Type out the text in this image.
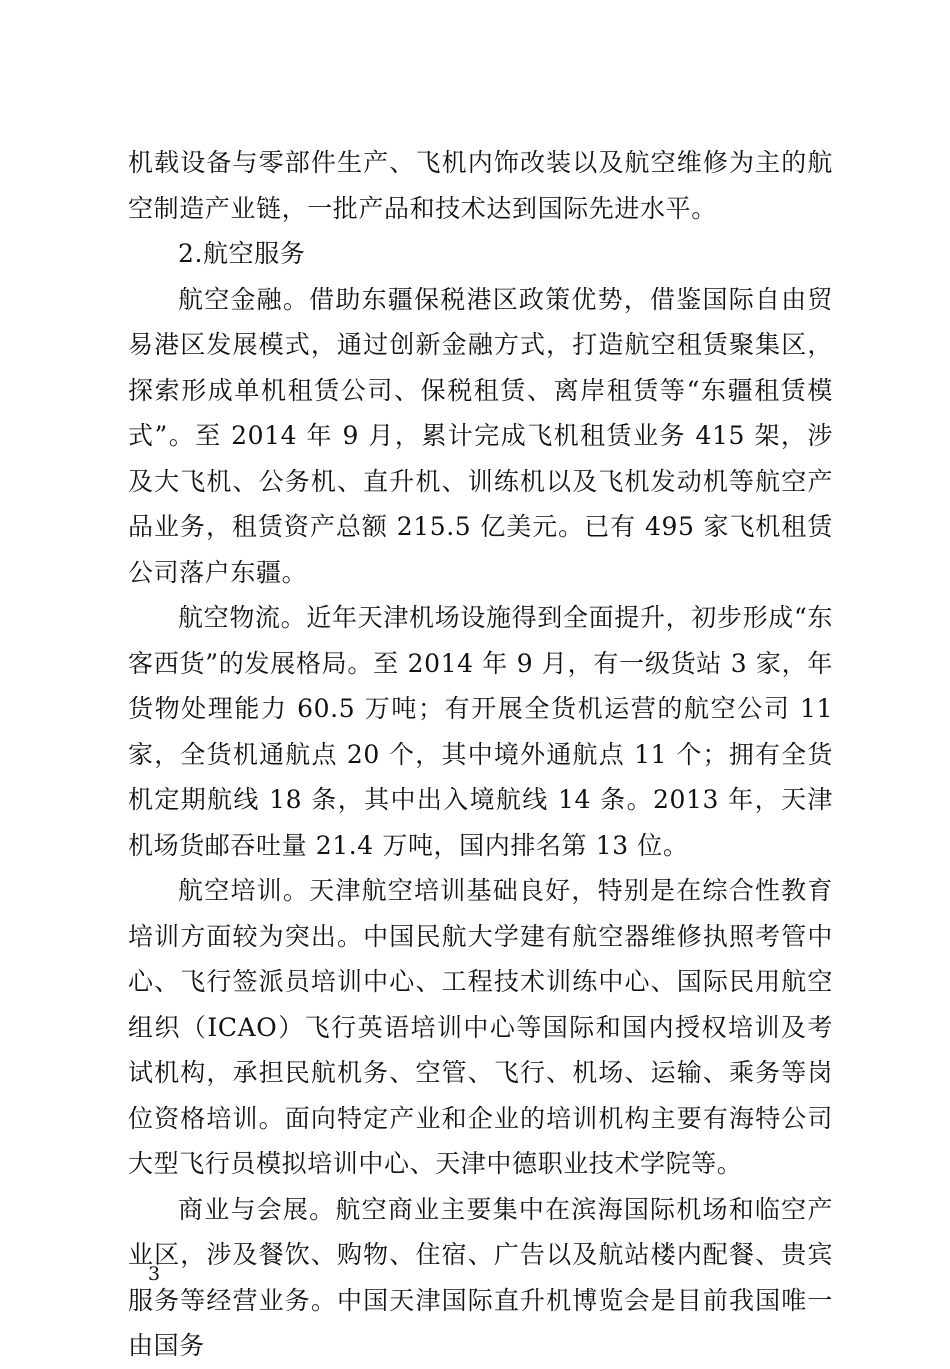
机载设备与零部件生产、飞机内饰改装以及航空维修为主的航空制造产业链，一批产品和技术达到国际先进水平。

2.航空服务

航空金融。借助东疆保税港区政策优势，借鉴国际自由贸易港区发展模式，通过创新金融方式，打造航空租赁聚集区，探索形成单机租赁公司、保税租赁、离岸租赁等“东疆租赁模式”。至 2014 年 9 月，累计完成飞机租赁业务 415 架，涉及大飞机、公务机、直升机、训练机以及飞机发动机等航空产品业务，租赁资产总额 215.5 亿美元。已有 495 家飞机租赁公司落户东疆。

航空物流。近年天津机场设施得到全面提升，初步形成“东客西货”的发展格局。至 2014 年 9 月，有一级货站 3 家，年货物处理能力 60.5 万吨；有开展全货机运营的航空公司 11 家，全货机通航点 20 个，其中境外通航点 11 个；拥有全货机定期航线 18 条，其中出入境航线 14 条。2013 年，天津机场货邮吞吐量 21.4 万吨，国内排名第 13 位。

航空培训。天津航空培训基础良好，特别是在综合性教育培训方面较为突出。中国民航大学建有航空器维修执照考管中心、飞行签派员培训中心、工程技术训练中心、国际民用航空组织（ICAO）飞行英语培训中心等国际和国内授权培训及考试机构，承担民航机务、空管、飞行、机场、运输、乘务等岗位资格培训。面向特定产业和企业的培训机构主要有海特公司大型飞行员模拟培训中心、天津中德职业技术学院等。

商业与会展。航空商业主要集中在滨海国际机场和临空产业区，涉及餐饮、购物、住宿、广告以及航站楼内配餐、贵宾服务等经营业务。中国天津国际直升机博览会是目前我国唯一由国务

3
